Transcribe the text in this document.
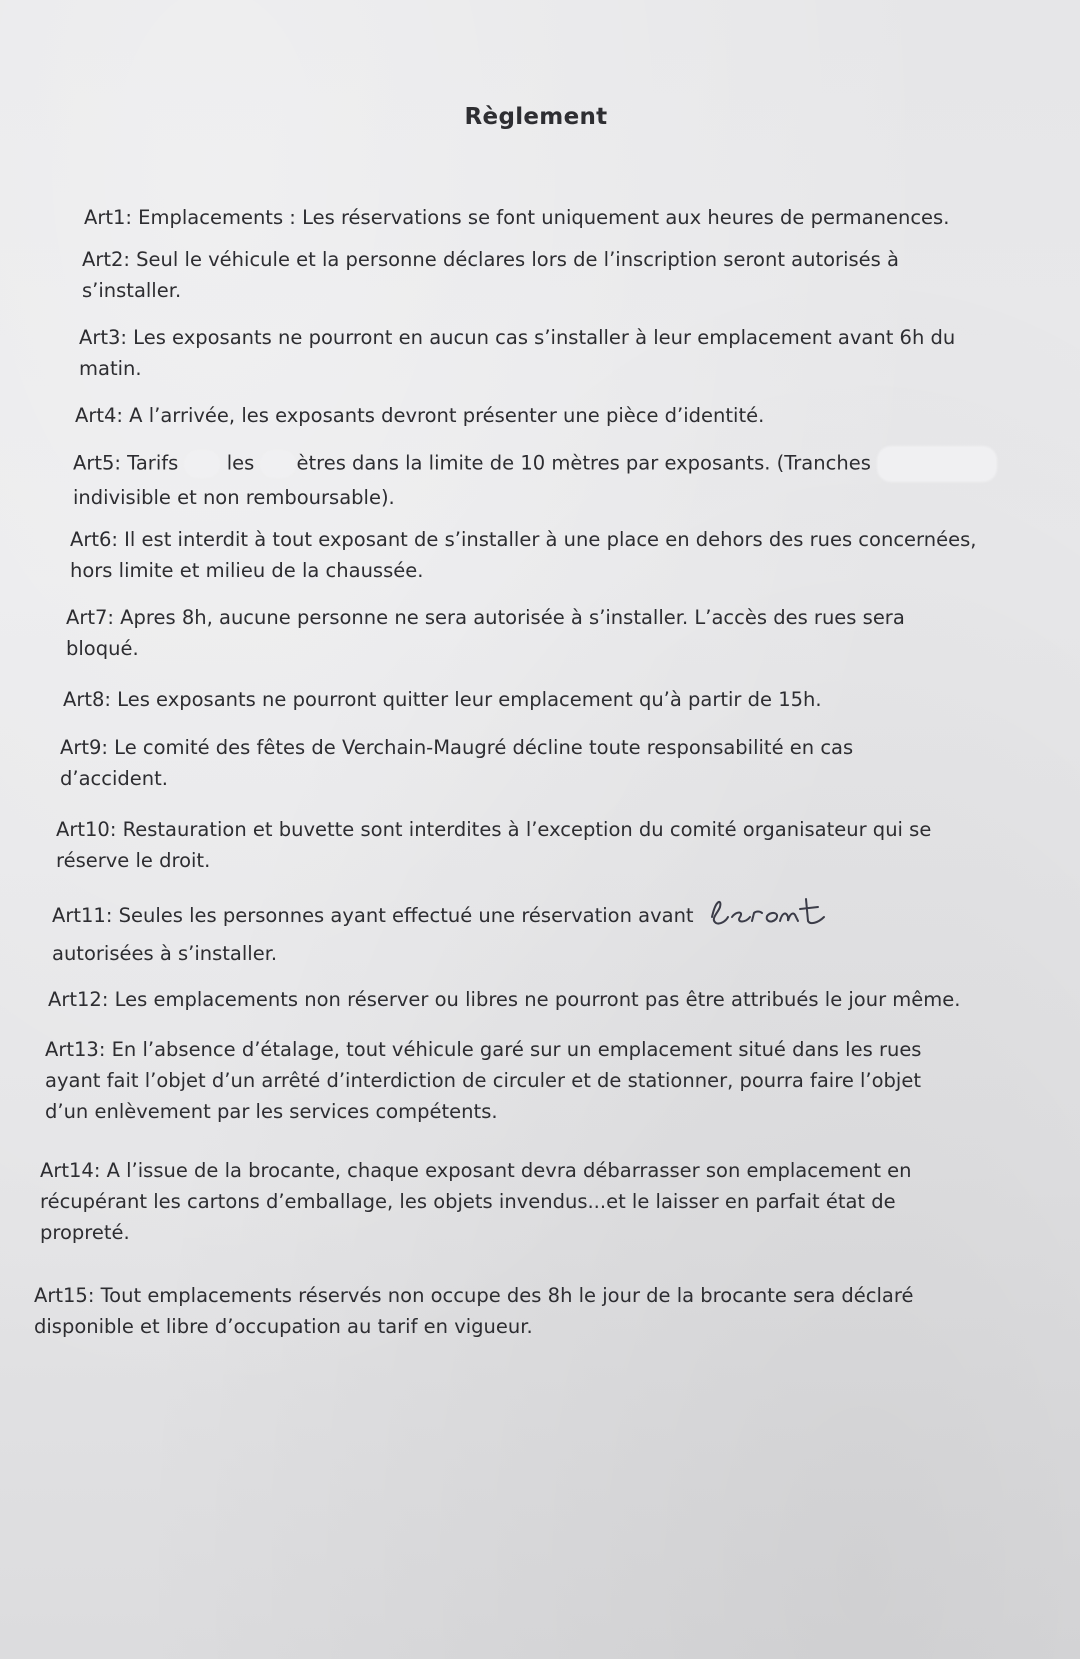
Règlement
Art1: Emplacements : Les réservations se font uniquement aux heures de permanences.
Art2: Seul le véhicule et la personne déclares lors de l’inscription seront autorisés à
s’installer.
Art3: Les exposants ne pourront en aucun cas s’installer à leur emplacement avant 6h du
matin.
Art4: A l’arrivée, les exposants devront présenter une pièce d’identité.
Art5: Tarifs les ètres dans la limite de 10 mètres par exposants. (Tranches
indivisible et non remboursable).
Art6: Il est interdit à tout exposant de s’installer à une place en dehors des rues concernées,
hors limite et milieu de la chaussée.
Art7: Apres 8h, aucune personne ne sera autorisée à s’installer. L’accès des rues sera
bloqué.
Art8: Les exposants ne pourront quitter leur emplacement qu’à partir de 15h.
Art9: Le comité des fêtes de Verchain-Maugré décline toute responsabilité en cas
d’accident.
Art10: Restauration et buvette sont interdites à l’exception du comité organisateur qui se
réserve le droit.
Art11: Seules les personnes ayant effectué une réservation avant
autorisées à s’installer.
Art12: Les emplacements non réserver ou libres ne pourront pas être attribués le jour même.
Art13: En l’absence d’étalage, tout véhicule garé sur un emplacement situé dans les rues
ayant fait l’objet d’un arrêté d’interdiction de circuler et de stationner, pourra faire l’objet
d’un enlèvement par les services compétents.
Art14: A l’issue de la brocante, chaque exposant devra débarrasser son emplacement en
récupérant les cartons d’emballage, les objets invendus...et le laisser en parfait état de
propreté.
Art15: Tout emplacements réservés non occupe des 8h le jour de la brocante sera déclaré
disponible et libre d’occupation au tarif en vigueur.
